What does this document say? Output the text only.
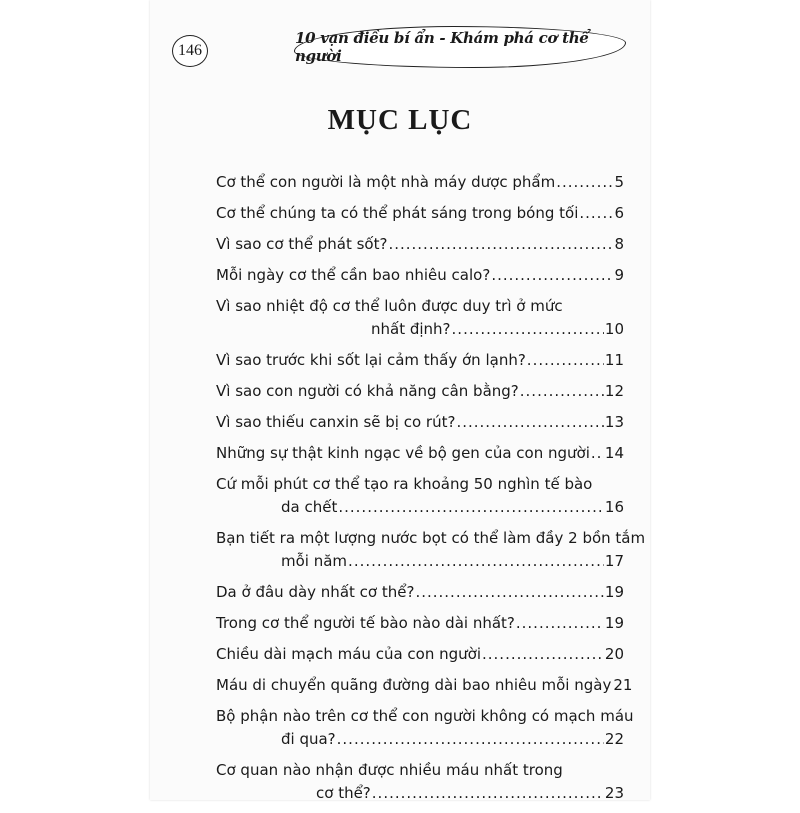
146
10 vạn điều bí ẩn - Khám phá cơ thể người
MỤC LỤC
Cơ thể con người là một nhà máy dược phẩm .....	5
Cơ thể chúng ta có thể phát sáng trong bóng tối ..... 6
Vì sao cơ thể phát sốt? .....	8
Mỗi ngày cơ thể cần bao nhiêu calo? .....	9
Vì sao nhiệt độ cơ thể luôn được duy trì ở mức
nhất định? .....	10
Vì sao trước khi sốt lại cảm thấy ớn lạnh? .....	11
Vì sao con người có khả năng cân bằng? .....	12
Vì sao thiếu canxin sẽ bị co rút? .....	13
Những sự thật kinh ngạc về bộ gen của con người ..... 14
Cứ mỗi phút cơ thể tạo ra khoảng 50 nghìn tế bào
da chết .....	16
Bạn tiết ra một lượng nước bọt có thể làm đầy 2 bồn tắm
mỗi năm .....	17
Da ở đâu dày nhất cơ thể? .....	19
Trong cơ thể người tế bào nào dài nhất? .....	19
Chiều dài mạch máu của con người .....	20
Máu di chuyển quãng đường dài bao nhiêu mỗi ngày 21
Bộ phận nào trên cơ thể con người không có mạch máu
đi qua? .....	22
Cơ quan nào nhận được nhiều máu nhất trong
cơ thể? .....	23
